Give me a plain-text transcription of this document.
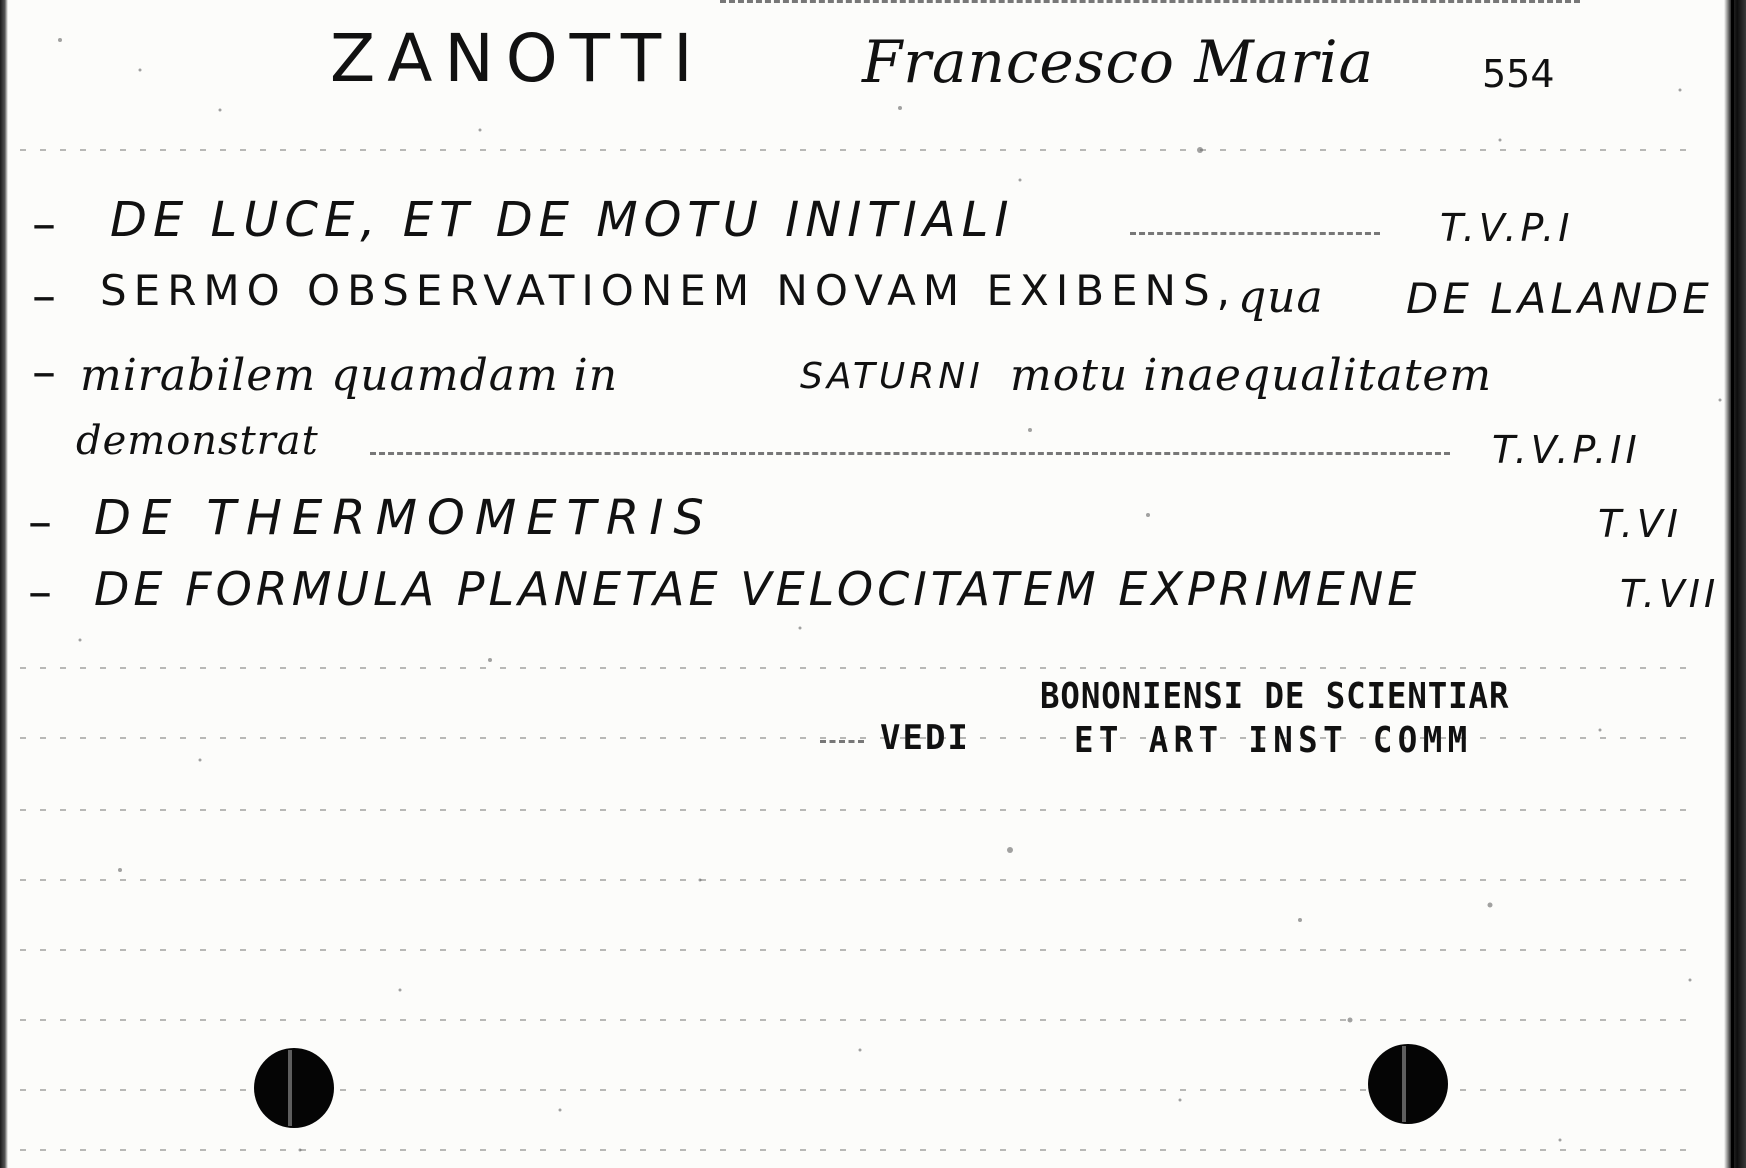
ZANOTTI	Francesco Maria	554
– DE LUCE, ET DE MOTU INITIALI	T.V.P.I
– SERMO OBSERVATIONEM NOVAM EXIBENS, qua DE LALANDE
– mirabilem quamdam in	SATURNI motu inaequalitatem
demonstrat	T.V.P.II
– DE THERMOMETRIS	T.VI
– DE FORMULA PLANETAE VELOCITATEM EXPRIMENE	T.VII
VEDI
BONONIENSI DE SCIENTIAR
ET ART INST COMM
